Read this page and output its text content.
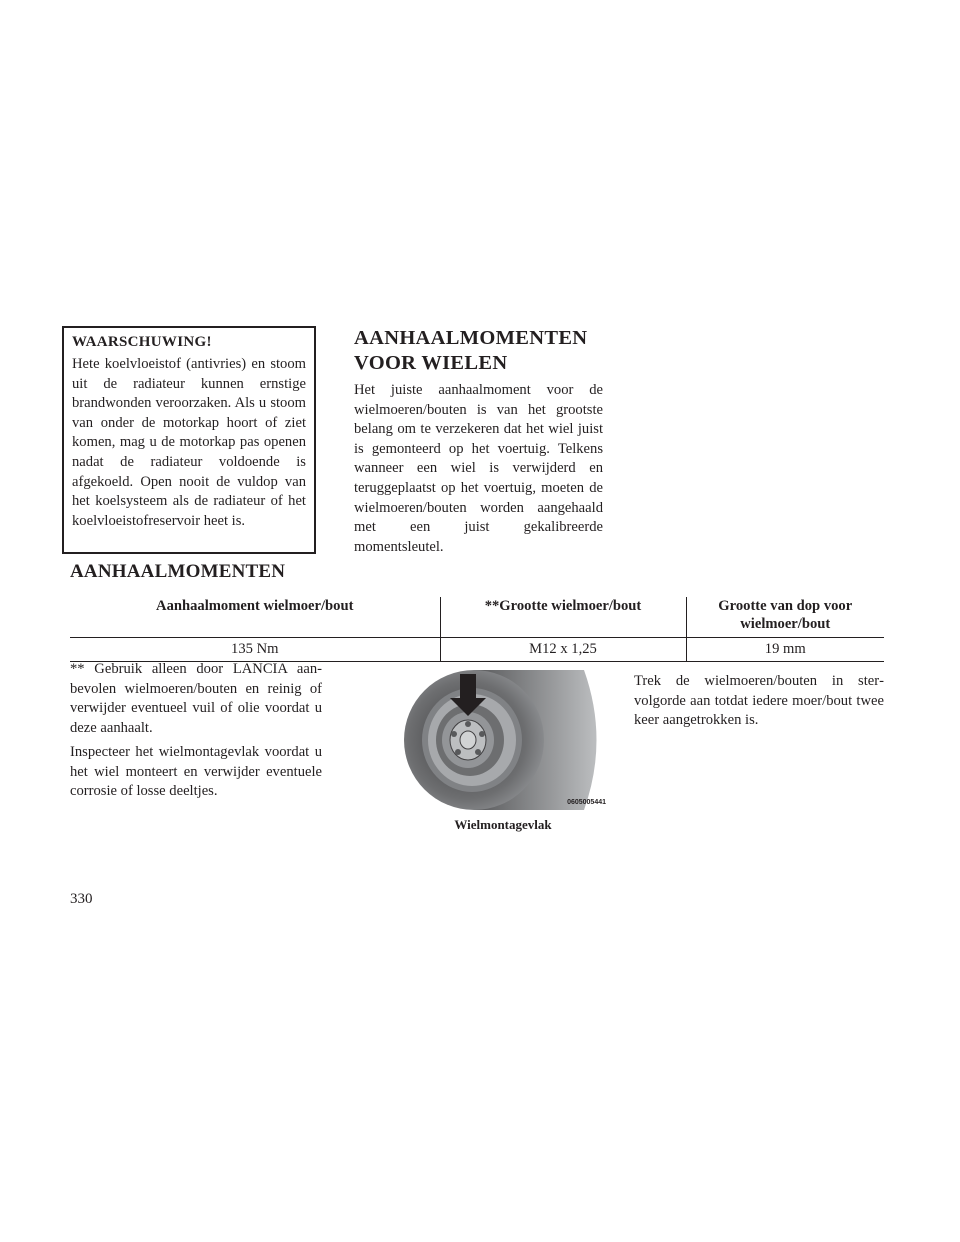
WAARSCHUWING!
Hete koelvloeistof (antivries) en stoom uit de radiateur kunnen ernstige brandwonden veroorzaken. Als u stoom van onder de motorkap hoort of ziet komen, mag u de motorkap pas openen nadat de radiateur voldoende is afgekoeld. Open nooit de vuldop van het koelsysteem als de radiateur of het koelvloeistofreservoir heet is.
AANHAALMOMENTEN
VOOR WIELEN
Het juiste aanhaalmoment voor de wielmoeren/bouten is van het grootste belang om te verzekeren dat het wiel juist is gemonteerd op het voertuig. Telkens wanneer een wiel is verwijderd en teruggeplaatst op het voertuig, moeten de wielmoeren/bouten worden aangehaald met een juist gekalibreerde momentsleutel.
AANHAALMOMENTEN
Aanhaalmoment wielmoer/bout	**Grootte wielmoer/bout	Grootte van dop voor wielmoer/bout
135 Nm	M12 x 1,25	19 mm
** Gebruik alleen door LANCIA aanbevolen wielmoeren/bouten en reinig of verwijder eventueel vuil of olie voordat u deze aanhaalt.
Inspecteer het wielmontagevlak voordat u het wiel monteert en verwijder eventuele corrosie of losse deeltjes.
0605005441
Wielmontagevlak
Trek de wielmoeren/bouten in stervolgorde aan totdat iedere moer/bout twee keer aangetrokken is.
330
